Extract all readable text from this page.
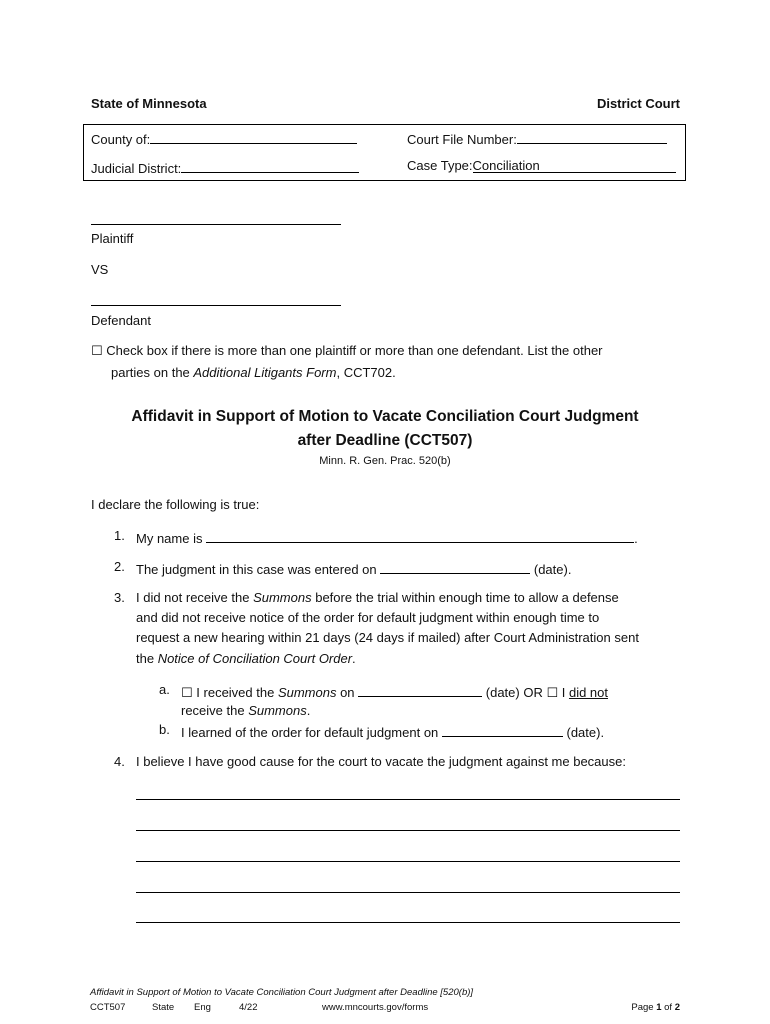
State of Minnesota	District Court
County of:
Judicial District:
Court File Number:
Case Type:Conciliation
Plaintiff
VS
Defendant
☐ Check box if there is more than one plaintiff or more than one defendant. List the other
parties on the Additional Litigants Form, CCT702.
Affidavit in Support of Motion to Vacate Conciliation Court Judgment
after Deadline (CCT507)
Minn. R. Gen. Prac. 520(b)
I declare the following is true:
1. My name is	.
2. The judgment in this case was entered on	(date).
3. I did not receive the Summons before the trial within enough time to allow a defense
and did not receive notice of the order for default judgment within enough time to
request a new hearing within 21 days (24 days if mailed) after Court Administration sent
the Notice of Conciliation Court Order.
a. ☐ I received the Summons on	(date) OR ☐ I did not
receive the Summons.
b. I learned of the order for default judgment on	(date).
4. I believe I have good cause for the court to vacate the judgment against me because:
Affidavit in Support of Motion to Vacate Conciliation Court Judgment after Deadline [520(b)]
CCT507	State Eng	4/22	www.mncourts.gov/forms	Page 1 of 2
